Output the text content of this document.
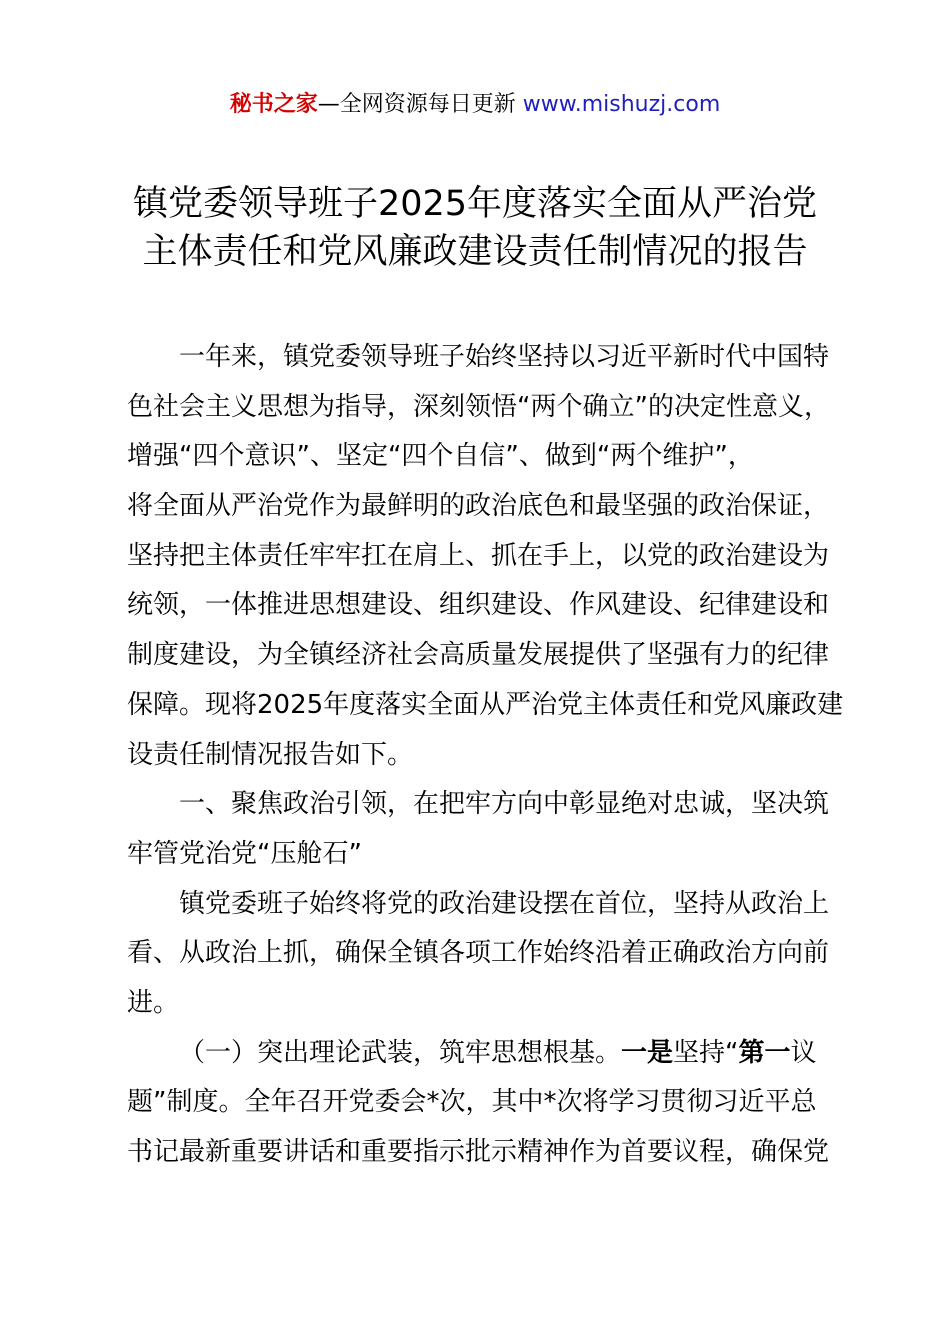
秘书之家—全网资源每日更新 www.mishuzj.com
镇党委领导班子2025年度落实全面从严治党
主体责任和党风廉政建设责任制情况的报告
一年来，镇党委领导班子始终坚持以习近平新时代中国特
色社会主义思想为指导，深刻领悟“两个确立”的决定性意义，
增强“四个意识”、坚定“四个自信”、做到“两个维护”，
将全面从严治党作为最鲜明的政治底色和最坚强的政治保证，
坚持把主体责任牢牢扛在肩上、抓在手上，以党的政治建设为
统领，一体推进思想建设、组织建设、作风建设、纪律建设和
制度建设，为全镇经济社会高质量发展提供了坚强有力的纪律
保障。现将2025年度落实全面从严治党主体责任和党风廉政建
设责任制情况报告如下。
一、聚焦政治引领，在把牢方向中彰显绝对忠诚，坚决筑
牢管党治党“压舱石”
镇党委班子始终将党的政治建设摆在首位，坚持从政治上
看、从政治上抓，确保全镇各项工作始终沿着正确政治方向前
进。
（一）突出理论武装，筑牢思想根基。一是坚持“第一议
题”制度。全年召开党委会*次，其中*次将学习贯彻习近平总
书记最新重要讲话和重要指示批示精神作为首要议程，确保党
